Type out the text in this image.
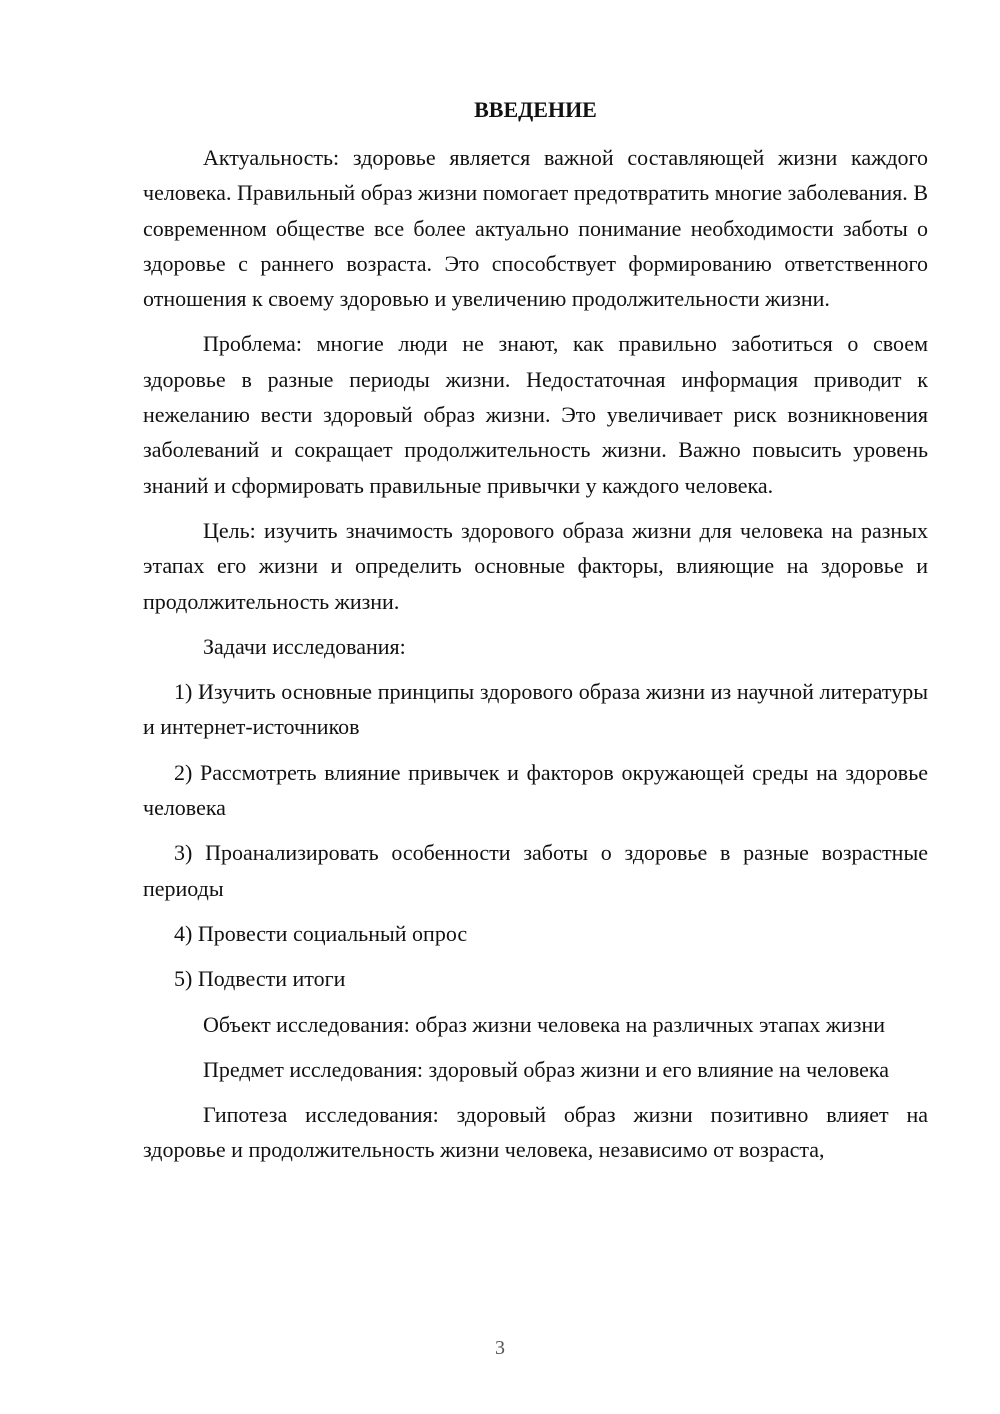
ВВЕДЕНИЕ

Актуальность: здоровье является важной составляющей жизни каждого человека. Правильный образ жизни помогает предотвратить многие заболевания. В современном обществе все более актуально понимание необходимости заботы о здоровье с раннего возраста. Это способствует формированию ответственного отношения к своему здоровью и увеличению продолжительности жизни.

Проблема: многие люди не знают, как правильно заботиться о своем здоровье в разные периоды жизни. Недостаточная информация приводит к нежеланию вести здоровый образ жизни. Это увеличивает риск возникновения заболеваний и сокращает продолжительность жизни. Важно повысить уровень знаний и сформировать правильные привычки у каждого человека.

Цель: изучить значимость здорового образа жизни для человека на разных этапах его жизни и определить основные факторы, влияющие на здоровье и продолжительность жизни.

Задачи исследования:

1) Изучить основные принципы здорового образа жизни из научной литературы и интернет-источников

2) Рассмотреть влияние привычек и факторов окружающей среды на здоровье человека

3) Проанализировать особенности заботы о здоровье в разные возрастные периоды

4) Провести социальный опрос

5) Подвести итоги

Объект исследования: образ жизни человека на различных этапах жизни

Предмет исследования: здоровый образ жизни и его влияние на человека

Гипотеза исследования: здоровый образ жизни позитивно влияет на здоровье и продолжительность жизни человека, независимо от возраста,

3
